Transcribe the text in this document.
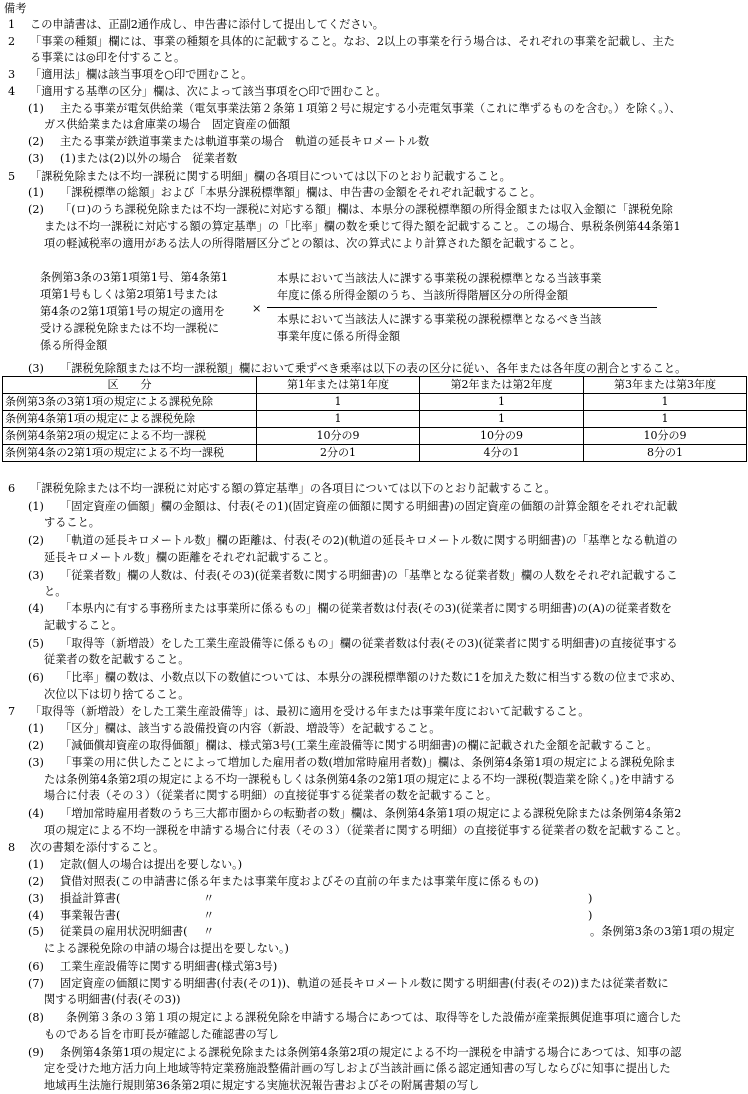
備考
1 この申請書は、正副2通作成し、申告書に添付して提出してください。
2 「事業の種類」欄には、事業の種類を具体的に記載すること。なお、2以上の事業を行う場合は、それぞれの事業を記載し、主た
る事業には◎印を付すること。
3 「適用法」欄は該当事項を○印で囲むこと。
4 「適用する基準の区分」欄は、次によって該当事項を○印で囲むこと。
(1) 主たる事業が電気供給業（電気事業法第２条第１項第２号に規定する小売電気事業（これに準ずるものを含む。）を除く。）、
ガス供給業または倉庫業の場合　固定資産の価額
(2) 主たる事業が鉄道事業または軌道事業の場合　軌道の延長キロメートル数
(3) (1)または(2)以外の場合　従業者数
5 「課税免除または不均一課税に関する明細」欄の各項目については以下のとおり記載すること。
(1) 「課税標準の総額」および「本県分課税標準額」欄は、申告書の金額をそれぞれ記載すること。
(2) 「(ロ)のうち課税免除または不均一課税に対応する額」欄は、本県分の課税標準額の所得金額または収入金額に「課税免除
または不均一課税に対応する額の算定基準」の「比率」欄の数を乗じて得た額を記載すること。この場合、県税条例第44条第1
項の軽減税率の適用がある法人の所得階層区分ごとの額は、次の算式により計算された額を記載すること。
条例第3条の3第1項第1号、第4条第1
項第1号もしくは第2項第1号または
第4条の2第1項第1号の規定の適用を
受ける課税免除または不均一課税に
係る所得金額
×
本県において当該法人に課する事業税の課税標準となる当該事業
年度に係る所得金額のうち、当該所得階層区分の所得金額
本県において当該法人に課する事業税の課税標準となるべき当該
事業年度に係る所得金額
(3) 「課税免除額または不均一課税額」欄において乗ずべき乗率は以下の表の区分に従い、各年または各年度の割合とすること。
区　　分	第1年または第1年度	第2年または第2年度	第3年または第3年度
条例第3条の3第1項の規定による課税免除	1	1	1
条例第4条第1項の規定による課税免除	1	1	1
条例第4条第2項の規定による不均一課税	10分の9	10分の9	10分の9
条例第4条の2第1項の規定による不均一課税	2分の1	4分の1	8分の1
6 「課税免除または不均一課税に対応する額の算定基準」の各項目については以下のとおり記載すること。
(1) 「固定資産の価額」欄の金額は、付表(その1)(固定資産の価額に関する明細書)の固定資産の価額の計算金額をそれぞれ記載
すること。
(2) 「軌道の延長キロメートル数」欄の距離は、付表(その2)(軌道の延長キロメートル数に関する明細書)の「基準となる軌道の
延長キロメートル数」欄の距離をそれぞれ記載すること。
(3) 「従業者数」欄の人数は、付表(その3)(従業者数に関する明細書)の「基準となる従業者数」欄の人数をそれぞれ記載するこ
と。
(4) 「本県内に有する事務所または事業所に係るもの」欄の従業者数は付表(その3)(従業者に関する明細書)の(A)の従業者数を
記載すること。
(5) 「取得等（新増設）をした工業生産設備等に係るもの」欄の従業者数は付表(その3)(従業者に関する明細書)の直接従事する
従業者の数を記載すること。
(6) 「比率」欄の数は、小数点以下の数値については、本県分の課税標準額のけた数に1を加えた数に相当する数の位まで求め、
次位以下は切り捨てること。
7 「取得等（新増設）をした工業生産設備等」は、最初に適用を受ける年または事業年度において記載すること。
(1) 「区分」欄は、該当する設備投資の内容（新設、増設等）を記載すること。
(2) 「減価償却資産の取得価額」欄は、様式第3号(工業生産設備等に関する明細書)の欄に記載された金額を記載すること。
(3) 「事業の用に供したことによって増加した雇用者の数(増加常時雇用者数)」欄は、条例第4条第1項の規定による課税免除ま
たは条例第4条第2項の規定による不均一課税もしくは条例第4条の2第1項の規定による不均一課税(製造業を除く。)を申請する
場合に付表（その３）（従業者に関する明細）の直接従事する従業者の数を記載すること。
(4) 「増加常時雇用者数のうち三大都市圏からの転勤者の数」欄は、条例第4条第1項の規定による課税免除または条例第4条第2
項の規定による不均一課税を申請する場合に付表（その３）（従業者に関する明細）の直接従事する従業者の数を記載すること。
8 次の書類を添付すること。
(1) 定款(個人の場合は提出を要しない。)
(2) 貸借対照表(この申請書に係る年または事業年度およびその直前の年または事業年度に係るもの)
(3) 損益計算書(	〃	)
(4) 事業報告書(	〃	)
(5) 従業員の雇用状況明細書( 〃	。条例第3条の3第1項の規定
による課税免除の申請の場合は提出を要しない。)
(6) 工業生産設備等に関する明細書(様式第3号)
(7) 固定資産の価額に関する明細書(付表(その1))、軌道の延長キロメートル数に関する明細書(付表(その2))または従業者数に
関する明細書(付表(その3))
(8) 条例第３条の３第１項の規定による課税免除を申請する場合にあつては、取得等をした設備が産業振興促進事項に適合した
ものである旨を市町長が確認した確認書の写し
(9) 条例第4条第1項の規定による課税免除または条例第4条第2項の規定による不均一課税を申請する場合にあつては、知事の認
定を受けた地方活力向上地域等特定業務施設整備計画の写しおよび当該計画に係る認定通知書の写しならびに知事に提出した
地域再生法施行規則第36条第2項に規定する実施状況報告書およびその附属書類の写し
